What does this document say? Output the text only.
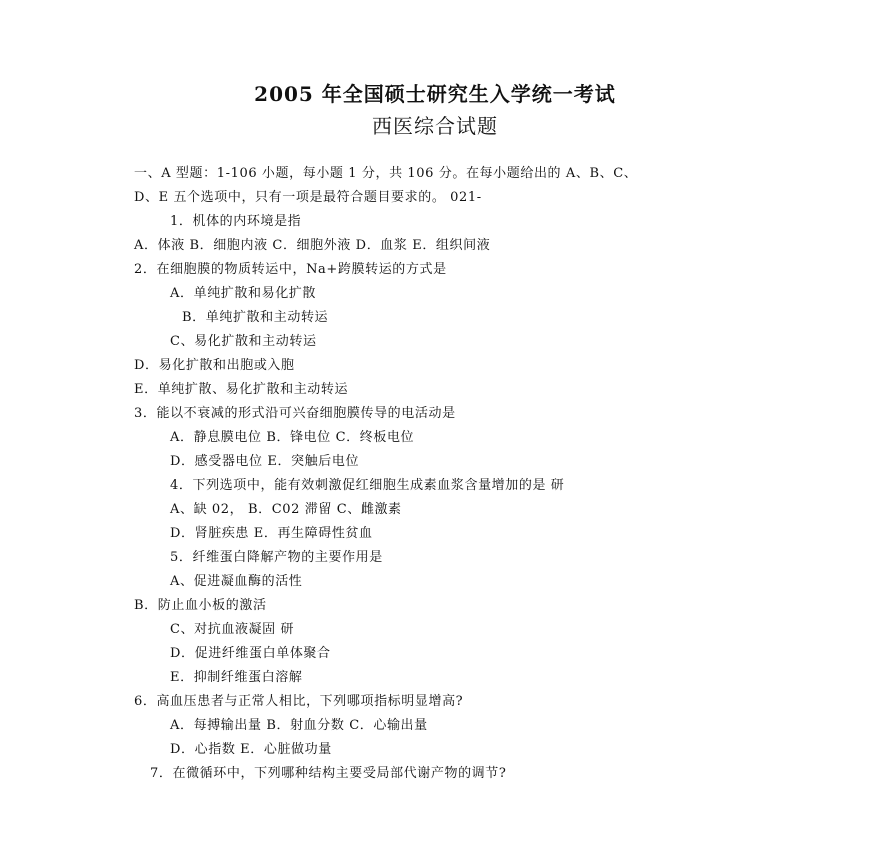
2005 年全国硕士研究生入学统一考试
西医综合试题
一、A 型题：1-106 小题，每小题 1 分，共 106 分。在每小题给出的 A、B、C、
D、E 五个选项中，只有一项是最符合题目要求的。 021-
1．机体的内环境是指
A．体液 B．细胞内液 C．细胞外液 D．血浆 E．组织间液
2．在细胞膜的物质转运中，Na+跨膜转运的方式是
A．单纯扩散和易化扩散
B．单纯扩散和主动转运
C、易化扩散和主动转运
D．易化扩散和出胞或入胞
E．单纯扩散、易化扩散和主动转运
3．能以不衰减的形式沿可兴奋细胞膜传导的电活动是
A．静息膜电位 B．锋电位 C．终板电位
D．感受器电位 E．突触后电位
4．下列选项中，能有效刺激促红细胞生成素血浆含量增加的是 研
A、缺 02， B．C02 滞留 C、雌激素
D．肾脏疾患 E．再生障碍性贫血
5．纤维蛋白降解产物的主要作用是
A、促进凝血酶的活性
B．防止血小板的激活
C、对抗血液凝固 研
D．促进纤维蛋白单体聚合
E．抑制纤维蛋白溶解
6．高血压患者与正常人相比，下列哪项指标明显增高?
A．每搏输出量 B．射血分数 C．心输出量
D．心指数 E．心脏做功量
7．在微循环中，下列哪种结构主要受局部代谢产物的调节?
